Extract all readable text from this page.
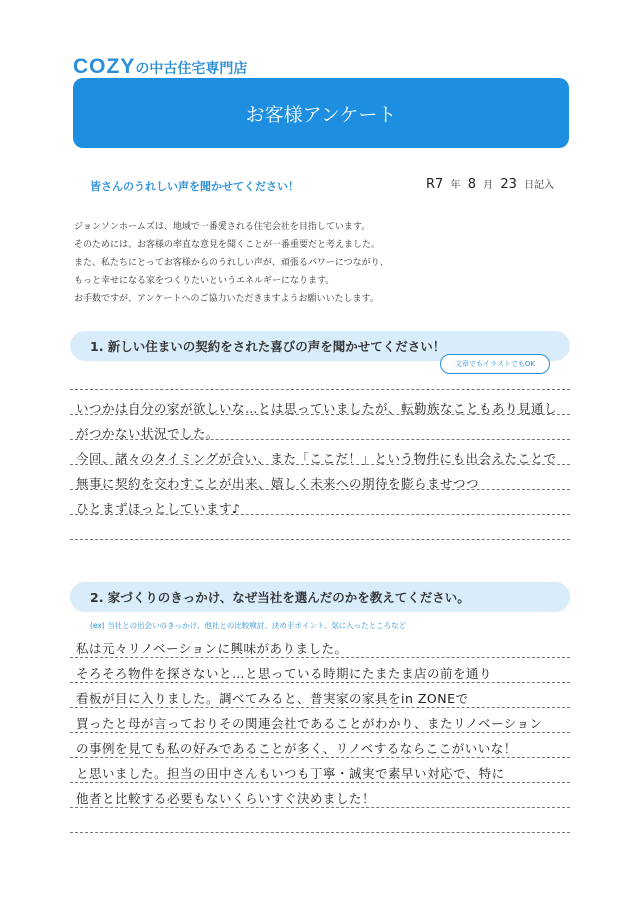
COZYの中古住宅専門店
お客様アンケート
皆さんのうれしい声を聞かせてください！	R7 年 8 月 23 日記入
ジョンソンホームズは、地域で一番愛される住宅会社を目指しています。
そのためには、お客様の率直な意見を聞くことが一番重要だと考えました。
また、私たちにとってお客様からのうれしい声が、頑張るパワーにつながり、
もっと幸せになる家をつくりたいというエネルギーになります。
お手数ですが、アンケートへのご協力いただきますようお願いいたします。
1. 新しい住まいの契約をされた喜びの声を聞かせてください！
文章でもイラストでもOK
いつかは自分の家が欲しいな…とは思っていましたが、転勤族なこともあり見通し
がつかない状況でした。
今回、諸々のタイミングが合い、また「ここだ！」という物件にも出会えたことで
無事に契約を交わすことが出来、嬉しく未来への期待を膨らませつつ
ひとまずほっとしています♪
2. 家づくりのきっかけ、なぜ当社を選んだのかを教えてください。
(ex) 当社との出会いのきっかけ、他社との比較検討、決め手ポイント、気に入ったところなど
私は元々リノベーションに興味がありました。
そろそろ物件を探さないと…と思っている時期にたまたま店の前を通り
看板が目に入りました。調べてみると、普実家の家具をin ZONEで
買ったと母が言っておりその関連会社であることがわかり、またリノベーション
の事例を見ても私の好みであることが多く、リノベするならここがいいな！
と思いました。担当の田中さんもいつも丁寧・誠実で素早い対応で、特に
他者と比較する必要もないくらいすぐ決めました！
